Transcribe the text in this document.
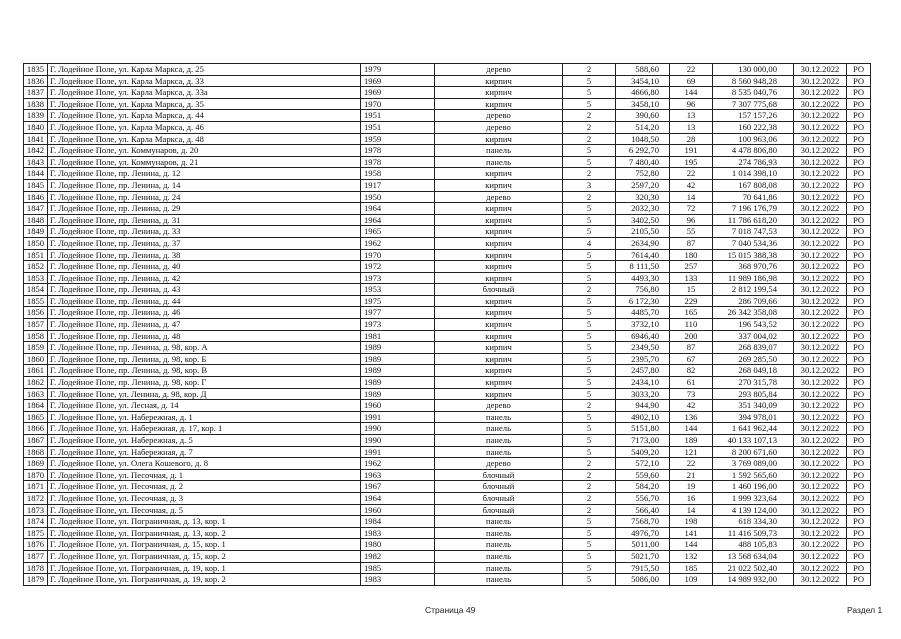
1835	Г. Лодейное Поле, ул. Карла Маркса, д. 25	1979	дерево	2	588,60	22	130 000,00	30.12.2022	РО
1836	Г. Лодейное Поле, ул. Карла Маркса, д. 33	1969	кирпич	5	3454,10	69	8 560 948,28	30.12.2022	РО
1837	Г. Лодейное Поле, ул. Карла Маркса, д. 33а	1969	кирпич	5	4666,80	144	8 535 040,76	30.12.2022	РО
1838	Г. Лодейное Поле, ул. Карла Маркса, д. 35	1970	кирпич	5	3458,10	96	7 307 775,68	30.12.2022	РО
1839	Г. Лодейное Поле, ул. Карла Маркса, д. 44	1951	дерево	2	390,60	13	157 157,26	30.12.2022	РО
1840	Г. Лодейное Поле, ул. Карла Маркса, д. 46	1951	дерево	2	514,20	13	160 222,38	30.12.2022	РО
1841	Г. Лодейное Поле, ул. Карла Маркса, д. 48	1959	кирпич	2	1048,50	28	100 963,06	30.12.2022	РО
1842	Г. Лодейное Поле, ул. Коммунаров, д. 20	1978	панель	5	6 292,70	191	4 478 806,80	30.12.2022	РО
1843	Г. Лодейное Поле, ул. Коммунаров, д. 21	1978	панель	5	7 480,40	195	274 786,93	30.12.2022	РО
1844	Г. Лодейное Поле, пр. Ленина, д. 12	1958	кирпич	2	752,80	22	1 014 398,10	30.12.2022	РО
1845	Г. Лодейное Поле, пр. Ленина, д. 14	1917	кирпич	3	2597,20	42	167 808,08	30.12.2022	РО
1846	Г. Лодейное Поле, пр. Ленина, д. 24	1950	дерево	2	320,30	14	70 641,86	30.12.2022	РО
1847	Г. Лодейное Поле, пр. Ленина, д. 29	1964	кирпич	5	2032,30	72	7 196 176,79	30.12.2022	РО
1848	Г. Лодейное Поле, пр. Ленина, д. 31	1964	кирпич	5	3402,50	96	11 786 618,20	30.12.2022	РО
1849	Г. Лодейное Поле, пр. Ленина, д. 33	1965	кирпич	5	2105,50	55	7 018 747,53	30.12.2022	РО
1850	Г. Лодейное Поле, пр. Ленина, д. 37	1962	кирпич	4	2634,90	87	7 040 534,36	30.12.2022	РО
1851	Г. Лодейное Поле, пр. Ленина, д. 38	1970	кирпич	5	7614,40	180	15 015 388,38	30.12.2022	РО
1852	Г. Лодейное Поле, пр. Ленина, д. 40	1972	кирпич	5	8 111,50	257	368 970,76	30.12.2022	РО
1853	Г. Лодейное Поле, пр. Ленина, д. 42	1973	кирпич	5	4493,30	133	11 989 186,98	30.12.2022	РО
1854	Г. Лодейное Поле, пр. Ленина, д. 43	1953	блочный	2	756,80	15	2 812 199,54	30.12.2022	РО
1855	Г. Лодейное Поле, пр. Ленина, д. 44	1975	кирпич	5	6 172,30	229	286 709,66	30.12.2022	РО
1856	Г. Лодейное Поле, пр. Ленина, д. 46	1977	кирпич	5	4485,70	165	26 342 358,08	30.12.2022	РО
1857	Г. Лодейное Поле, пр. Ленина, д. 47	1973	кирпич	5	3732,10	110	196 543,52	30.12.2022	РО
1858	Г. Лодейное Поле, пр. Ленина, д. 48	1981	кирпич	5	6946,40	200	337 004,02	30.12.2022	РО
1859	Г. Лодейное Поле, пр. Ленина, д. 98, кор. А	1989	кирпич	5	2349,50	87	268 839,07	30.12.2022	РО
1860	Г. Лодейное Поле, пр. Ленина, д. 98, кор. Б	1989	кирпич	5	2395,70	67	269 285,50	30.12.2022	РО
1861	Г. Лодейное Поле, пр. Ленина, д. 98, кор. В	1989	кирпич	5	2457,80	82	268 049,18	30.12.2022	РО
1862	Г. Лодейное Поле, пр. Ленина, д. 98, кор. Г	1989	кирпич	5	2434,10	61	270 315,78	30.12.2022	РО
1863	Г. Лодейное Поле, ул. Ленина, д. 98, кор. Д	1989	кирпич	5	3033,20	73	293 805,84	30.12.2022	РО
1864	Г. Лодейное Поле, ул. Лесная, д. 14	1960	дерево	2	944,90	42	351 340,09	30.12.2022	РО
1865	Г. Лодейное Поле, ул. Набережная, д. 1	1991	панель	5	4902,10	136	394 978,01	30.12.2022	РО
1866	Г. Лодейное Поле, ул. Набережная, д. 17, кор. 1	1990	панель	5	5151,80	144	1 641 962,44	30.12.2022	РО
1867	Г. Лодейное Поле, ул. Набережная, д. 5	1990	панель	5	7173,00	189	40 133 107,13	30.12.2022	РО
1868	Г. Лодейное Поле, ул. Набережная, д. 7	1991	панель	5	5409,20	121	8 200 671,60	30.12.2022	РО
1869	Г. Лодейное Поле, ул. Олега Кошевого, д. 8	1962	дерево	2	572,10	22	3 769 089,00	30.12.2022	РО
1870	Г. Лодейное Поле, ул. Песочная, д. 1	1963	блочный	2	559,60	21	1 592 565,60	30.12.2022	РО
1871	Г. Лодейное Поле, ул. Песочная, д. 2	1967	блочный	2	584,20	19	1 460 196,00	30.12.2022	РО
1872	Г. Лодейное Поле, ул. Песочная, д. 3	1964	блочный	2	556,70	16	1 999 323,64	30.12.2022	РО
1873	Г. Лодейное Поле, ул. Песочная, д. 5	1960	блочный	2	566,40	14	4 139 124,00	30.12.2022	РО
1874	Г. Лодейное Поле, ул. Пограничная, д. 13, кор. 1	1984	панель	5	7568,70	198	618 334,30	30.12.2022	РО
1875	Г. Лодейное Поле, ул. Пограничная, д. 13, кор. 2	1983	панель	5	4976,70	141	11 416 509,73	30.12.2022	РО
1876	Г. Лодейное Поле, ул. Пограничная, д. 15, кор. 1	1980	панель	5	5011,00	144	488 105,83	30.12.2022	РО
1877	Г. Лодейное Поле, ул. Пограничная, д. 15, кор. 2	1982	панель	5	5021,70	132	13 568 634,04	30.12.2022	РО
1878	Г. Лодейное Поле, ул. Пограничная, д. 19, кор. 1	1985	панель	5	7915,50	185	21 022 502,40	30.12.2022	РО
1879	Г. Лодейное Поле, ул. Пограничная, д. 19, кор. 2	1983	панель	5	5086,00	109	14 989 932,00	30.12.2022	РО
Страница 49	Раздел 1
